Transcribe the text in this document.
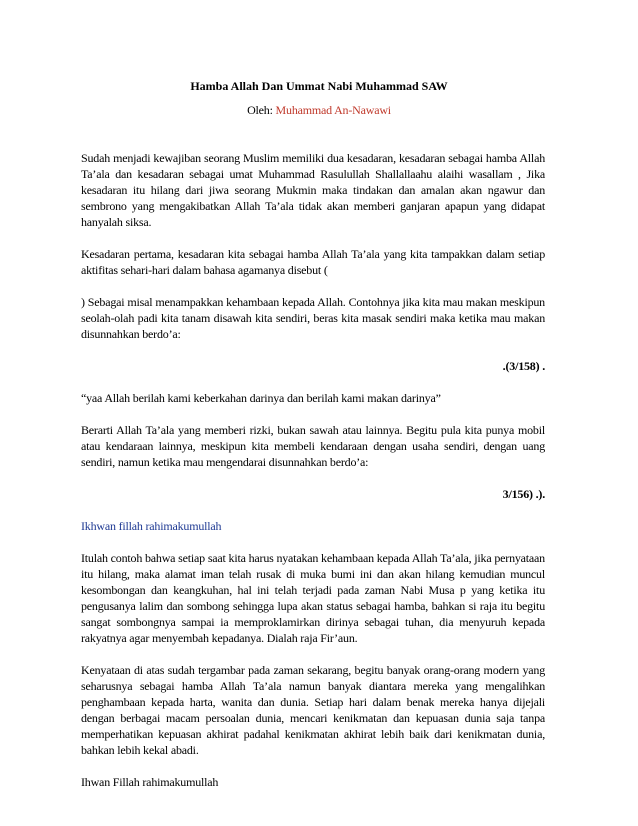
Hamba Allah Dan Ummat Nabi Muhammad SAW
Oleh: Muhammad An-Nawawi

Sudah menjadi kewajiban seorang Muslim memiliki dua kesadaran, kesadaran sebagai hamba Allah Ta’ala dan kesadaran sebagai umat Muhammad Rasulullah Shallallaahu alaihi wasallam , Jika kesadaran itu hilang dari jiwa seorang Mukmin maka tindakan dan amalan akan ngawur dan sembrono yang mengakibatkan Allah Ta’ala tidak akan memberi ganjaran apapun yang didapat hanyalah siksa.

Kesadaran pertama, kesadaran kita sebagai hamba Allah Ta’ala yang kita tampakkan dalam setiap aktifitas sehari-hari dalam bahasa agamanya disebut (

) Sebagai misal menampakkan kehambaan kepada Allah. Contohnya jika kita mau makan meskipun seolah-olah padi kita tanam disawah kita sendiri, beras kita masak sendiri maka ketika mau makan disunnahkan berdo’a:

.(3/158) .

“yaa Allah berilah kami keberkahan darinya dan berilah kami makan darinya”

Berarti Allah Ta’ala yang memberi rizki, bukan sawah atau lainnya. Begitu pula kita punya mobil atau kendaraan lainnya, meskipun kita membeli kendaraan dengan usaha sendiri, dengan uang sendiri, namun ketika mau mengendarai disunnahkan berdo’a:

3/156) .).

Ikhwan fillah rahimakumullah

Itulah contoh bahwa setiap saat kita harus nyatakan kehambaan kepada Allah Ta’ala, jika pernyataan itu hilang, maka alamat iman telah rusak di muka bumi ini dan akan hilang kemudian muncul kesombongan dan keangkuhan, hal ini telah terjadi pada zaman Nabi Musa p yang ketika itu pengusanya lalim dan sombong sehingga lupa akan status sebagai hamba, bahkan si raja itu begitu sangat sombongnya sampai ia memproklamirkan dirinya sebagai tuhan, dia menyuruh kepada rakyatnya agar menyembah kepadanya. Dialah raja Fir’aun.

Kenyataan di atas sudah tergambar pada zaman sekarang, begitu banyak orang-orang modern yang seharusnya sebagai hamba Allah Ta’ala namun banyak diantara mereka yang mengalihkan penghambaan kepada harta, wanita dan dunia. Setiap hari dalam benak mereka hanya dijejali dengan berbagai macam persoalan dunia, mencari kenikmatan dan kepuasan dunia saja tanpa memperhatikan kepuasan akhirat padahal kenikmatan akhirat lebih baik dari kenikmatan dunia, bahkan lebih kekal abadi.

Ihwan Fillah rahimakumullah
